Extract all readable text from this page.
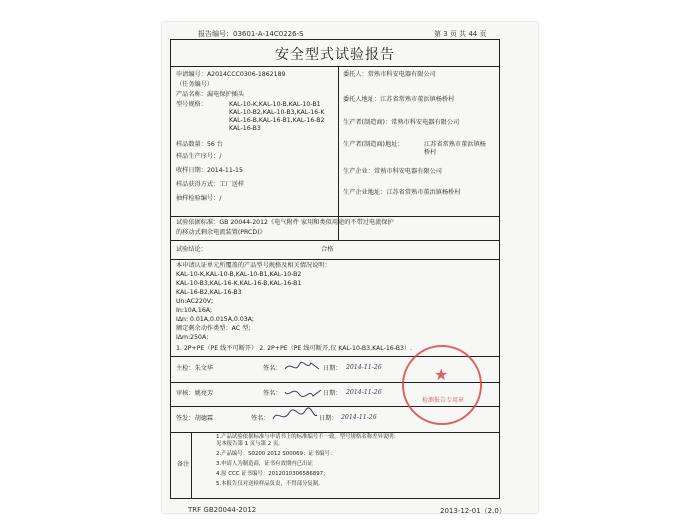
报告编号：03601-A-14C0226-S	第 3 页 共 44 页
安全型式试验报告
申请编号：A2014CCC0306-1862189
（任务编号）
产品名称：漏电保护插头
型号规格：	KAL-10-K,KAL-10-B,KAL-10-B1
KAL-10-B2,KAL-10-B3,KAL-16-K
KAL-16-B,KAL-16-B1,KAL-16-B2
KAL-16-B3
样品数量：56 台
样品生产序号：/
收样日期：2014-11-15
样品获得方式：工厂送样
抽样检验编号：/
委托人：常熟市科安电器有限公司
委托人地址：江苏省常熟市董浜镇杨桥村
生产者(制造商)：常熟市科安电器有限公司
生产者(制造商)地址：	江苏省常熟市董浜镇杨
桥村
生产企业：常熟市科安电器有限公司
生产企业地址：江苏省常熟市董浜镇杨桥村
试验依据标准：GB 20044-2012《电气附件 家用和类似用途的不带过电流保护
的移动式剩余电流装置(PRCD)》
试验结论：	合格
本申请认证单元所覆盖的产品型号规格及相关情况说明：
KAL-10-K,KAL-10-B,KAL-10-B1,KAL-10-B2
KAL-10-B3,KAL-16-K,KAL-16-B,KAL-16-B1
KAL-16-B2,KAL-16-B3
Un:AC220V;
In:10A,16A;
IΔn: 0.01A,0.015A,0.03A;
额定剩余动作类型：AC 型;
IΔm:250A;
1. 2P+PE（PE 线不可断开） 2. 2P+PE（PE 线可断开,仅 KAL-10-B3,KAL-16-B3）.
主检：朱文华	签名：	日期： 2014-11-26
审核：姚亮芳	签名：	日期： 2014-11-26
签发：胡德霖	签名：	日期： 2014-11-26
备注
1.产品试验依据标准与申请书上的标准编号不一致。型号规格名称差异说明：
见本报告第 1 页与第 2 页。
2.产品编号：S0200 2012 S00069；证书编号：
3.申请人为制造商，证书有效期内已出证
4.原 CCC 证书编号：2012010306586897；
5.本报告仅对送检样品负责，不得部分复制。
★
检测报告专用章
TRF GB20044-2012	2013-12-01（2.0）
